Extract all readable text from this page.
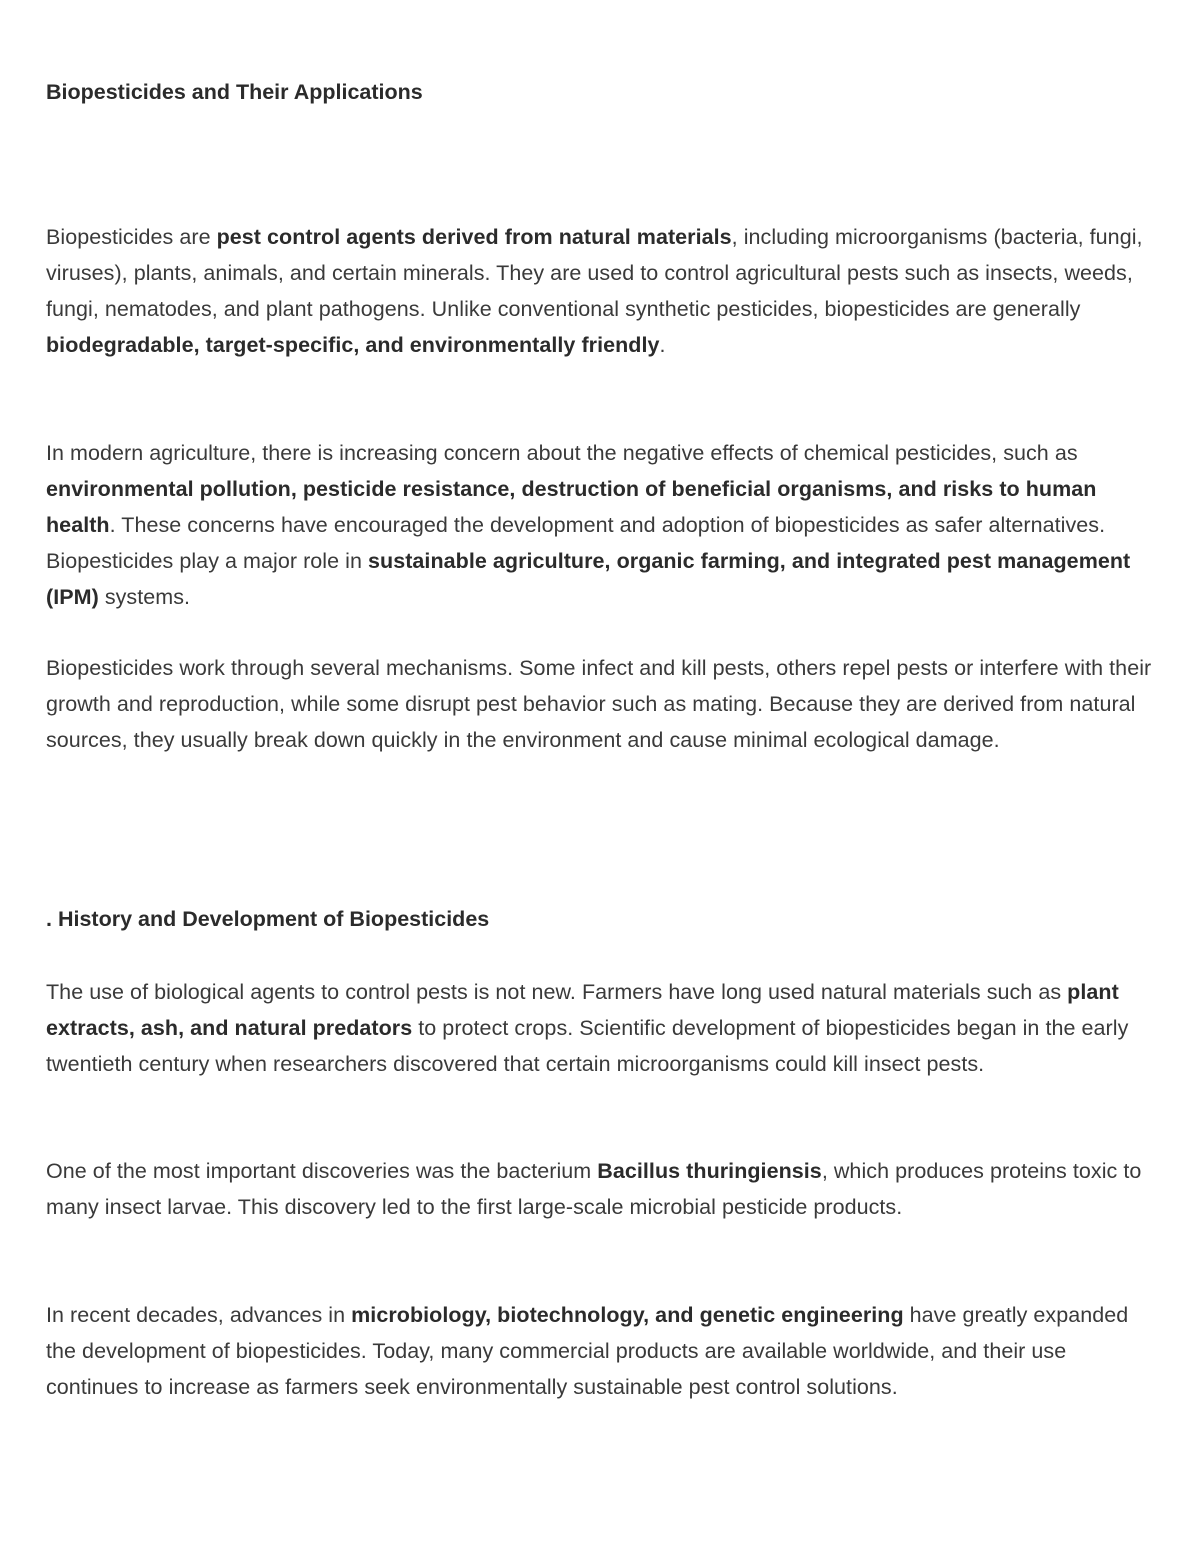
Biopesticides and Their Applications

Biopesticides are pest control agents derived from natural materials, including microorganisms (bacteria, fungi, viruses), plants, animals, and certain minerals. They are used to control agricultural pests such as insects, weeds, fungi, nematodes, and plant pathogens. Unlike conventional synthetic pesticides, biopesticides are generally biodegradable, target-specific, and environmentally friendly.

In modern agriculture, there is increasing concern about the negative effects of chemical pesticides, such as environmental pollution, pesticide resistance, destruction of beneficial organisms, and risks to human health. These concerns have encouraged the development and adoption of biopesticides as safer alternatives. Biopesticides play a major role in sustainable agriculture, organic farming, and integrated pest management (IPM) systems.

Biopesticides work through several mechanisms. Some infect and kill pests, others repel pests or interfere with their growth and reproduction, while some disrupt pest behavior such as mating. Because they are derived from natural sources, they usually break down quickly in the environment and cause minimal ecological damage.

. History and Development of Biopesticides

The use of biological agents to control pests is not new. Farmers have long used natural materials such as plant extracts, ash, and natural predators to protect crops. Scientific development of biopesticides began in the early twentieth century when researchers discovered that certain microorganisms could kill insect pests.

One of the most important discoveries was the bacterium Bacillus thuringiensis, which produces proteins toxic to many insect larvae. This discovery led to the first large-scale microbial pesticide products.

In recent decades, advances in microbiology, biotechnology, and genetic engineering have greatly expanded the development of biopesticides. Today, many commercial products are available worldwide, and their use continues to increase as farmers seek environmentally sustainable pest control solutions.
